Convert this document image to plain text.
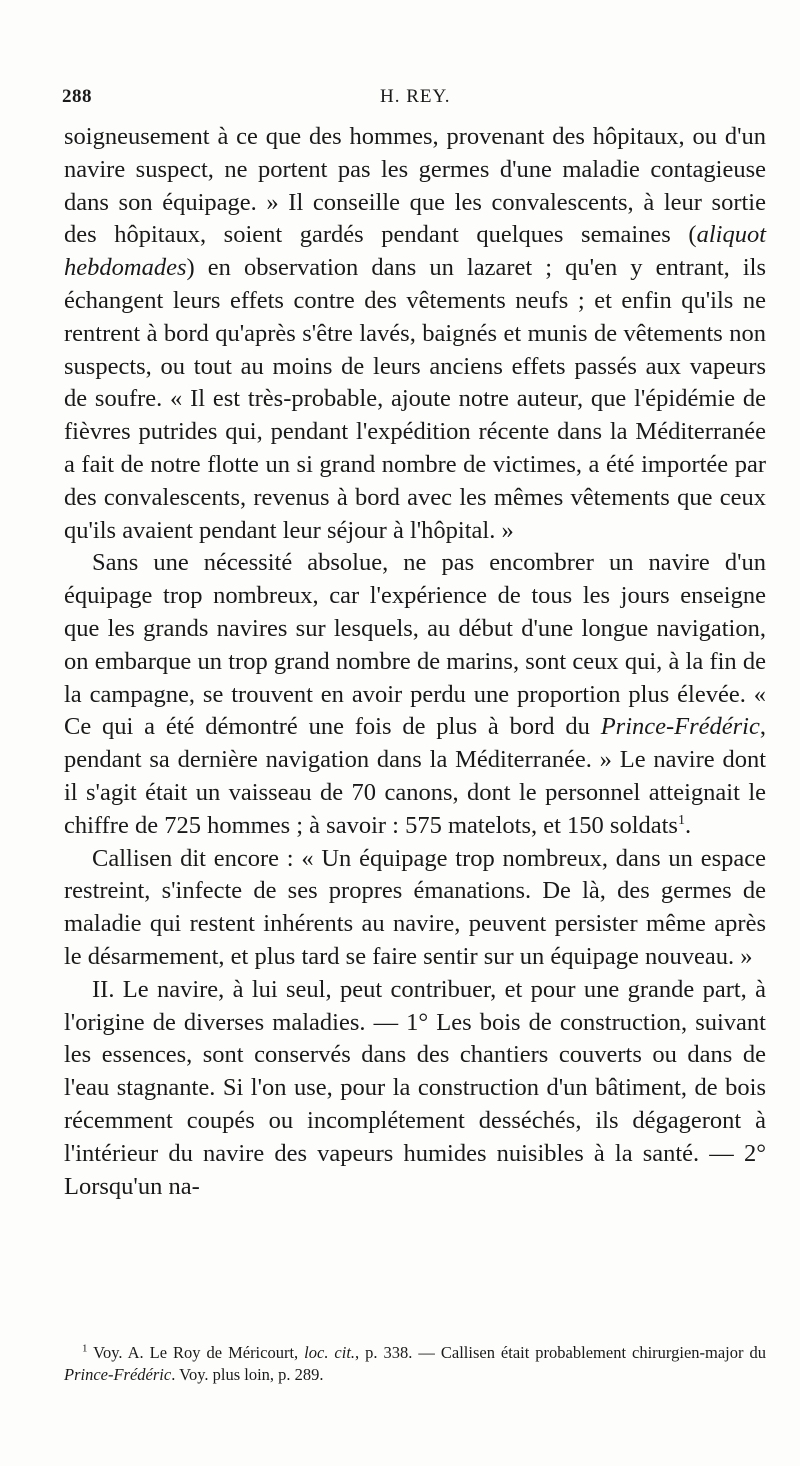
288	H. REY.

soigneusement à ce que des hommes, provenant des hôpitaux, ou d'un navire suspect, ne portent pas les germes d'une maladie contagieuse dans son équipage. » Il conseille que les convalescents, à leur sortie des hôpitaux, soient gardés pendant quelques semaines (aliquot hebdomades) en observation dans un lazaret ; qu'en y entrant, ils échangent leurs effets contre des vêtements neufs ; et enfin qu'ils ne rentrent à bord qu'après s'être lavés, baignés et munis de vêtements non suspects, ou tout au moins de leurs anciens effets passés aux vapeurs de soufre. « Il est très-probable, ajoute notre auteur, que l'épidémie de fièvres putrides qui, pendant l'expédition récente dans la Méditerranée a fait de notre flotte un si grand nombre de victimes, a été importée par des convalescents, revenus à bord avec les mêmes vêtements que ceux qu'ils avaient pendant leur séjour à l'hôpital. »

Sans une nécessité absolue, ne pas encombrer un navire d'un équipage trop nombreux, car l'expérience de tous les jours enseigne que les grands navires sur lesquels, au début d'une longue navigation, on embarque un trop grand nombre de marins, sont ceux qui, à la fin de la campagne, se trouvent en avoir perdu une proportion plus élevée. « Ce qui a été démontré une fois de plus à bord du Prince-Frédéric, pendant sa dernière navigation dans la Méditerranée. » Le navire dont il s'agit était un vaisseau de 70 canons, dont le personnel atteignait le chiffre de 725 hommes ; à savoir : 575 matelots, et 150 soldats$^1$.

Callisen dit encore : « Un équipage trop nombreux, dans un espace restreint, s'infecte de ses propres émanations. De là, des germes de maladie qui restent inhérents au navire, peuvent persister même après le désarmement, et plus tard se faire sentir sur un équipage nouveau. »

II. Le navire, à lui seul, peut contribuer, et pour une grande part, à l'origine de diverses maladies. — 1° Les bois de construction, suivant les essences, sont conservés dans des chantiers couverts ou dans de l'eau stagnante. Si l'on use, pour la construction d'un bâtiment, de bois récemment coupés ou incomplétement desséchés, ils dégageront à l'intérieur du navire des vapeurs humides nuisibles à la santé. — 2° Lorsqu'un na-

$^1$ Voy. A. Le Roy de Méricourt, loc. cit., p. 338. — Callisen était probablement chirurgien-major du Prince-Frédéric. Voy. plus loin, p. 289.
